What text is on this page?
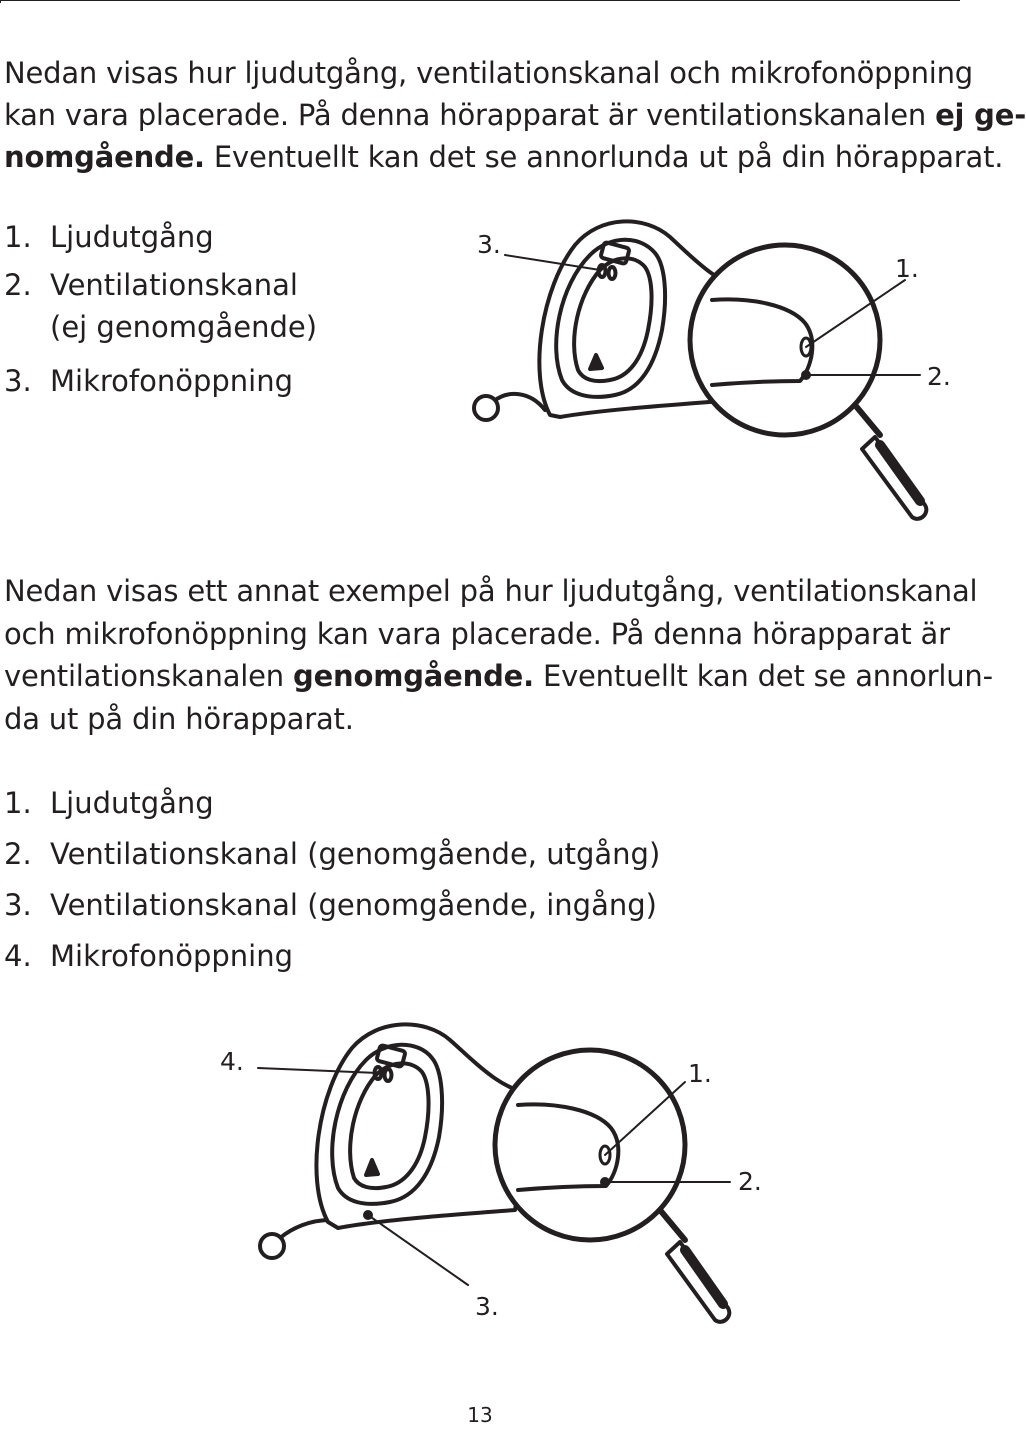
Nedan visas hur ljudutgång, ventilationskanal och mikrofonöppning
kan vara placerade. På denna hörapparat är ventilationskanalen ej ge-
nomgående. Eventuellt kan det se annorlunda ut på din hörapparat.

1. Ljudutgång
2. Ventilationskanal
(ej genomgående)
3. Mikrofonöppning
3.
1.
2.

Nedan visas ett annat exempel på hur ljudutgång, ventilationskanal
och mikrofonöppning kan vara placerade. På denna hörapparat är
ventilationskanalen genomgående. Eventuellt kan det se annorlun-
da ut på din hörapparat.

1. Ljudutgång
2. Ventilationskanal (genomgående, utgång)
3. Ventilationskanal (genomgående, ingång)
4. Mikrofonöppning
4.	1.
2.
3.
13
